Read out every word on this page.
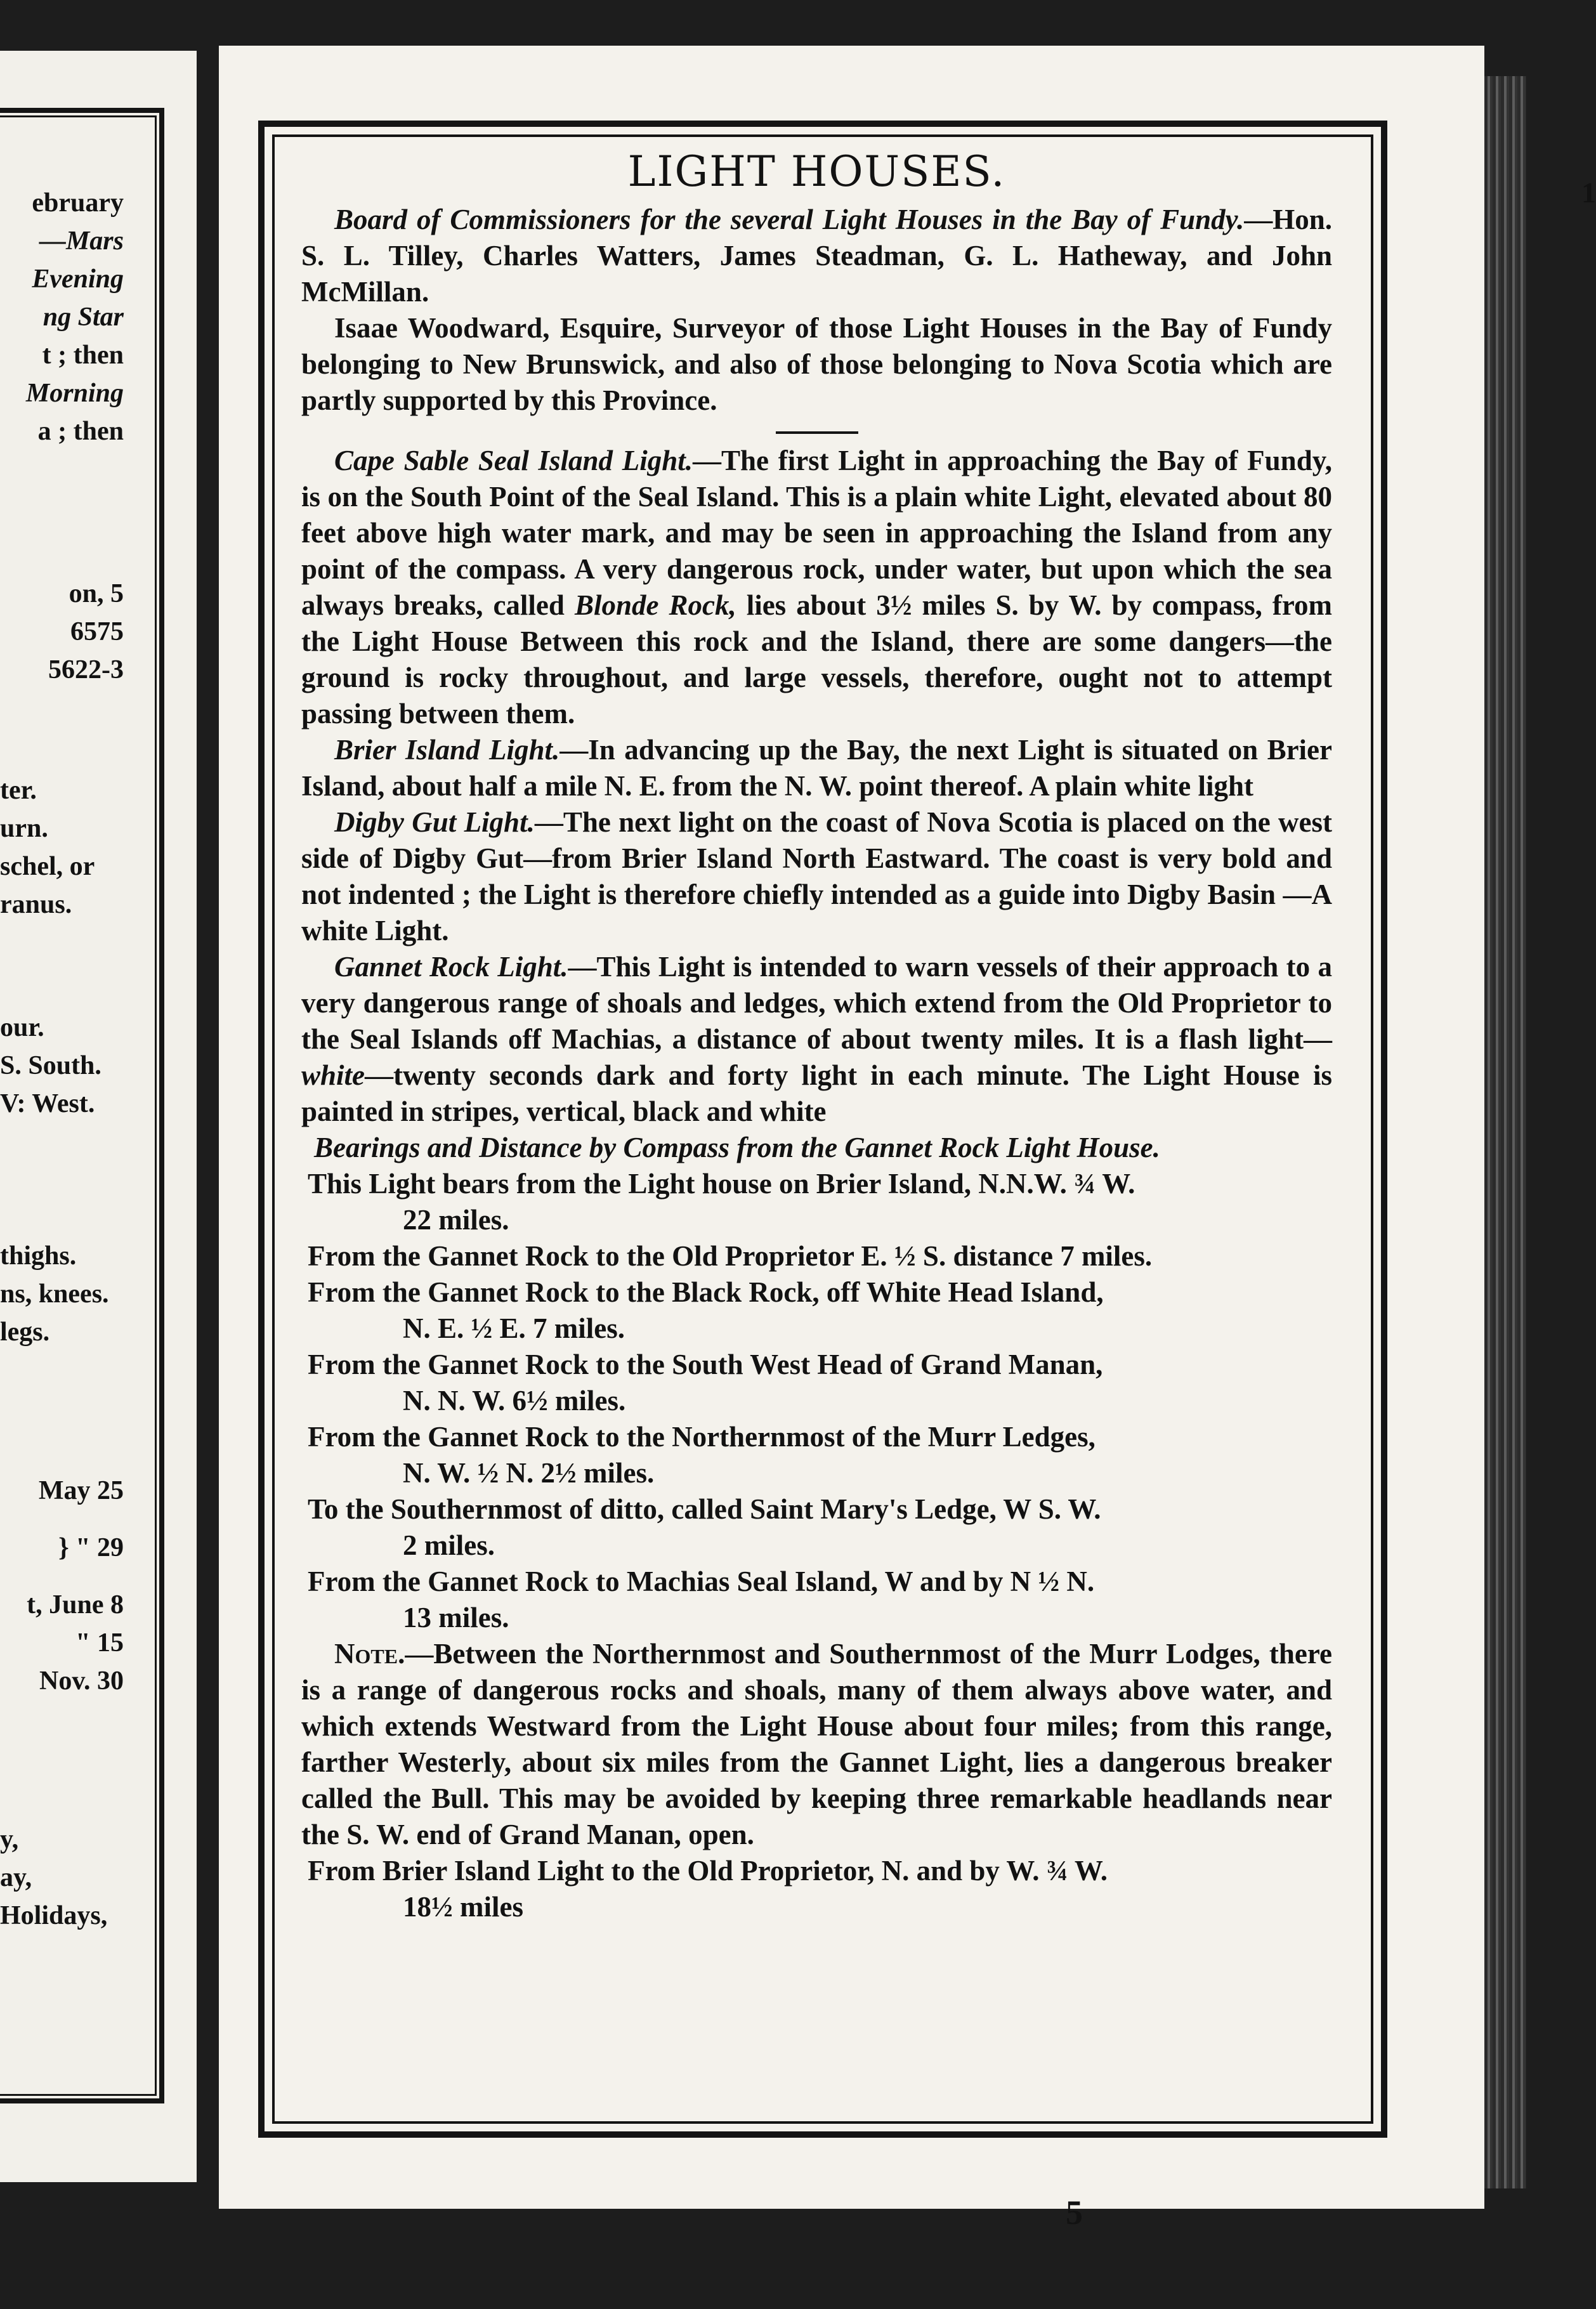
ebruary
—Mars
Evening
ng Star
t ; then
Morning
a ; then
on, 5
6575
5622-3
ter.
urn.
schel, or
ranus.
our.
S. South.
V: West.
thighs.
ns, knees.
legs.
May 25
} " 29
t, June 8
" 15
Nov. 30
y,
ay,
Holidays,
1
LIGHT HOUSES.

Board of Commissioners for the several Light Houses in the Bay of Fundy.—Hon. S. L. Tilley, Charles Watters, James Steadman, G. L. Hatheway, and John McMillan.

Isaae Woodward, Esquire, Surveyor of those Light Houses in the Bay of Fundy belonging to New Brunswick, and also of those belonging to Nova Scotia which are partly supported by this Province.

Cape Sable Seal Island Light.—The first Light in approaching the Bay of Fundy, is on the South Point of the Seal Island. This is a plain white Light, elevated about 80 feet above high water mark, and may be seen in approaching the Island from any point of the compass. A very dangerous rock, under water, but upon which the sea always breaks, called Blonde Rock, lies about 3½ miles S. by W. by compass, from the Light House Between this rock and the Island, there are some dangers—the ground is rocky throughout, and large vessels, therefore, ought not to attempt passing between them.

Brier Island Light.—In advancing up the Bay, the next Light is situated on Brier Island, about half a mile N. E. from the N. W. point thereof. A plain white light

Digby Gut Light.—The next light on the coast of Nova Scotia is placed on the west side of Digby Gut—from Brier Island North Eastward. The coast is very bold and not indented ; the Light is therefore chiefly intended as a guide into Digby Basin —A white Light.

Gannet Rock Light.—This Light is intended to warn vessels of their approach to a very dangerous range of shoals and ledges, which extend from the Old Proprietor to the Seal Islands off Machias, a distance of about twenty miles. It is a flash light—white—twenty seconds dark and forty light in each minute. The Light House is painted in stripes, vertical, black and white

Bearings and Distance by Compass from the Gannet Rock Light House.

This Light bears from the Light house on Brier Island, N.N.W. ¾ W.
22 miles.

From the Gannet Rock to the Old Proprietor E. ½ S. distance 7 miles.

From the Gannet Rock to the Black Rock, off White Head Island,
N. E. ½ E. 7 miles.

From the Gannet Rock to the South West Head of Grand Manan,
N. N. W. 6½ miles.

From the Gannet Rock to the Northernmost of the Murr Ledges,
N. W. ½ N. 2½ miles.

To the Southernmost of ditto, called Saint Mary's Ledge, W S. W.
2 miles.

From the Gannet Rock to Machias Seal Island, W and by N ½ N.
13 miles.

Note.—Between the Northernmost and Southernmost of the Murr Lodges, there is a range of dangerous rocks and shoals, many of them always above water, and which extends Westward from the Light House about four miles; from this range, farther Westerly, about six miles from the Gannet Light, lies a dangerous breaker called the Bull. This may be avoided by keeping three remarkable headlands near the S. W. end of Grand Manan, open.

From Brier Island Light to the Old Proprietor, N. and by W. ¾ W.
18½ miles

5
